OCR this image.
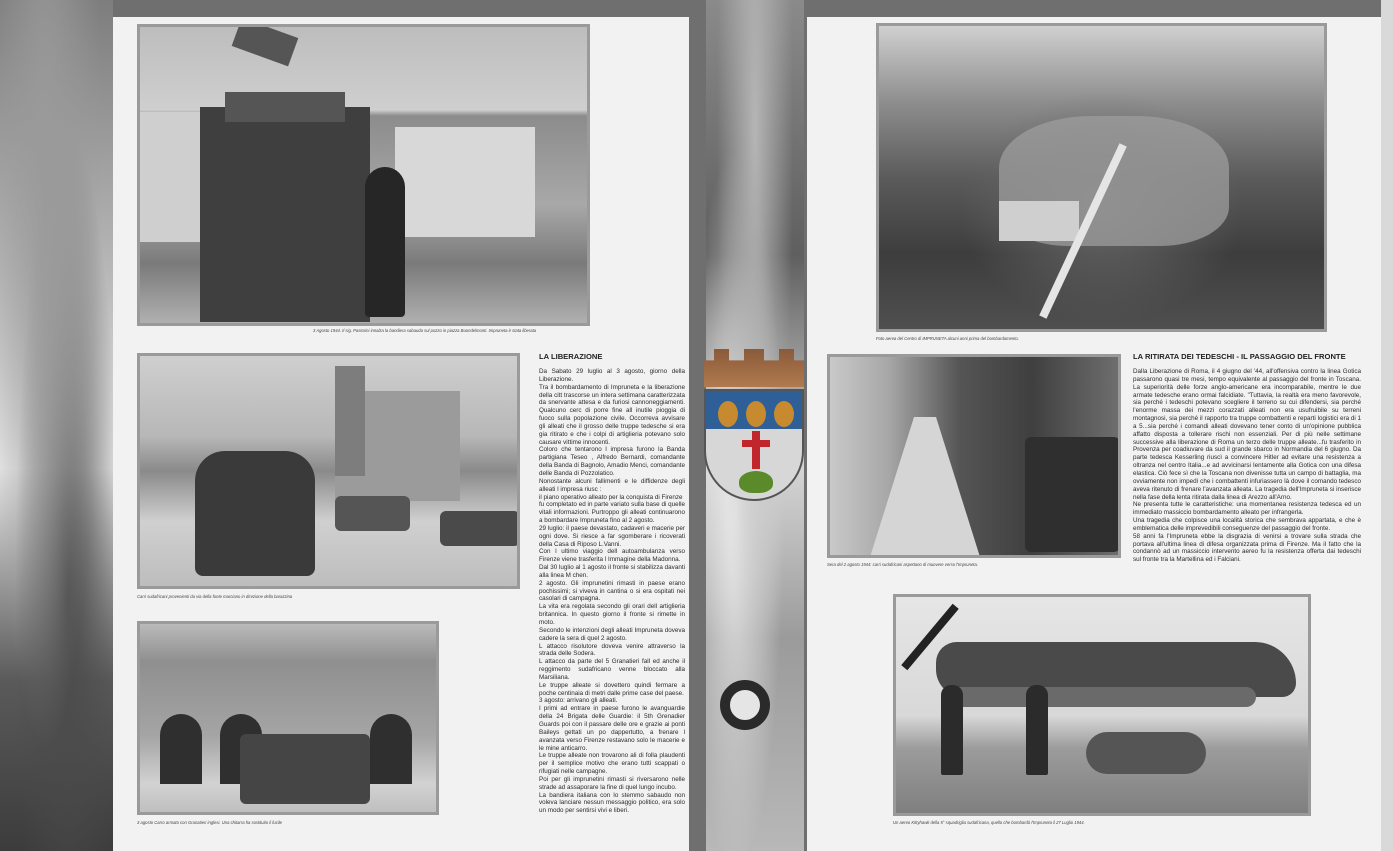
3 Agosto 1944. Il sig. Pastorini innalza la bandiera sabauda sul pozzo in piazza Buondelmonti. Impruneta è stata liberata
Carri sudafricani provenienti da via della fonte marciano in direzione della barazzina
3 agosto Carro armato con Granatieri inglesi. Una chitarra ha sostituito il fucile
LA LIBERAZIONE

Da Sabato 29 luglio al 3 agosto, giorno della Liberazione.

Tra il bombardamento di Impruneta e la liberazione della citt trascorse un intera settimana caratterizzata da snervante attesa e da furiosi cannoneggiamenti. Qualcuno cerc di porre fine all inutile pioggia di fuoco sulla popolazione civile. Occorreva avvisare gli alleati che il grosso delle truppe tedesche si era gia ritirato e che i colpi di artiglieria potevano solo causare vittime innocenti.

Coloro che tentarono l impresa furono la Banda partigiana Teseo , Alfredo Bernardi, comandante della Banda di Bagnolo, Amadio Menci, comandante delle Banda di Pozzolatico.

Nonostante alcuni fallimenti e le diffidenze degli alleati l impresa riusc :

il piano operativo alleato per la conquista di Firenze

fu completato ed in parte variato sulla base di quelle vitali informazioni. Purtroppo gli alleati continuarono a bombardare Impruneta fino al 2 agosto.

29 luglio: il paese devastato, cadaveri e macerie per ogni dove. Si riesce a far sgomberare i ricoverati della Casa di Riposo L.Vanni.

Con l ultimo viaggio dell autoambulanza verso Firenze viene trasferita l Immagine della Madonna.

Dal 30 luglio al 1 agosto il fronte si stabilizza davanti alla linea M chen.

2 agosto. Gli imprunetini rimasti in paese erano pochissimi; si viveva in cantina o si era ospitati nei casolari di campagna.

La vita era regolata secondo gli orari dell artiglieria britannica. In questo giorno il fronte si rimette in moto.

Secondo le intenzioni degli alleati Impruneta doveva cadere la sera di quel 2 agosto.

L attacco risolutore doveva venire attraverso la strada delle Sodera.

L attacco da parte del 5 Granatieri fall ed anche il reggimento sudafricano venne bloccato alla Marsiliana.

Le truppe alleate si dovettero quindi fermare a poche centinaia di metri dalle prime case del paese.

3 agosto: arrivano gli alleati.

I primi ad entrare in paese furono le avanguardie della 24 Brigata delle Guardie: il 5th Grenadier Guards poi con il passare delle ore e grazie ai ponti Baileys gettati un po dappertutto, a frenare l avanzata verso Firenze restavano solo le macerie e le mine anticarro.

Le truppe alleate non trovarono ali di folla plaudenti per il semplice motivo che erano tutti scappati o rifugiati nelle campagne.

Poi per gli imprunetini rimasti si riversarono nelle strade ad assaporare la fine di quel lungo incubo.

La bandiera italiana con lo stemmo sabaudo non voleva lanciare nessun messaggio politico, era solo un modo per sentirsi vivi e liberi.

Foto aerea del Centro di IMPRUNETA alcuni anni prima del bombardamento.
Sera del 2 agosto 1944: carri sudafricani aspettano di muovere verso l'Impruneta.
Un aereo Kittyhawk della 5° squadriglia sudafricana, quello che bombardò l'Impruneta il 27 Luglio 1944.
LA RITIRATA DEI TEDESCHI - IL PASSAGGIO DEL FRONTE

Dalla Liberazione di Roma, il 4 giugno del '44, all'offensiva contro la linea Gotica passarono quasi tre mesi, tempo equivalente al passaggio del fronte in Toscana. La superiorità delle forze anglo-americane era incomparabile, mentre le due armate tedesche erano ormai falcidiate. "Tuttavia, la realtà era meno favorevole, sia perché i tedeschi potevano scegliere il terreno su cui difendersi, sia perché l'enorme massa dei mezzi corazzati alleati non era usufruibile su terreni montagnosi, sia perché il rapporto tra truppe combattenti e reparti logistici era di 1 a 5...sia perché i comandi alleati dovevano tener conto di un'opinione pubblica affatto disposta a tollerare rischi non essenziali. Per di più nelle settimane successive alla liberazione di Roma un terzo delle truppe alleate...fu trasferito in Provenza per coadiuvare da sud il grande sbarco in Normandia del 6 giugno. Da parte tedesca Kesserling riuscì a convincere Hitler ad evitare una resistenza a oltranza nel centro Italia...e ad avvicinarsi lentamente alla Gotica con una difesa elastica. Ciò fece sì che la Toscana non divenisse tutta un campo di battaglia, ma ovviamente non impedì che i combattenti infuriassero là dove il comando tedesco aveva ritenuto di frenare l'avanzata alleata. La tragedia dell'Impruneta si inserisce nella fase della lenta ritirata dalla linea di Arezzo all'Arno.

Ne presenta tutte le caratteristiche: una momentanea resistenza tedesca ed un immediato massiccio bombardamento alleato per infrangerla.

Una tragedia che colpisce una località storica che sembrava appartata, e che è emblematica delle imprevedibili conseguenze del passaggio del fronte.

58 anni fa l'Impruneta ebbe la disgrazia di venirsi a trovare sulla strada che portava all'ultima linea di difesa organizzata prima di Firenze. Ma il fatto che la condannò ad un massiccio intervento aereo fu la resistenza offerta dai tedeschi sul fronte tra la Martellina ed i Falciani.
